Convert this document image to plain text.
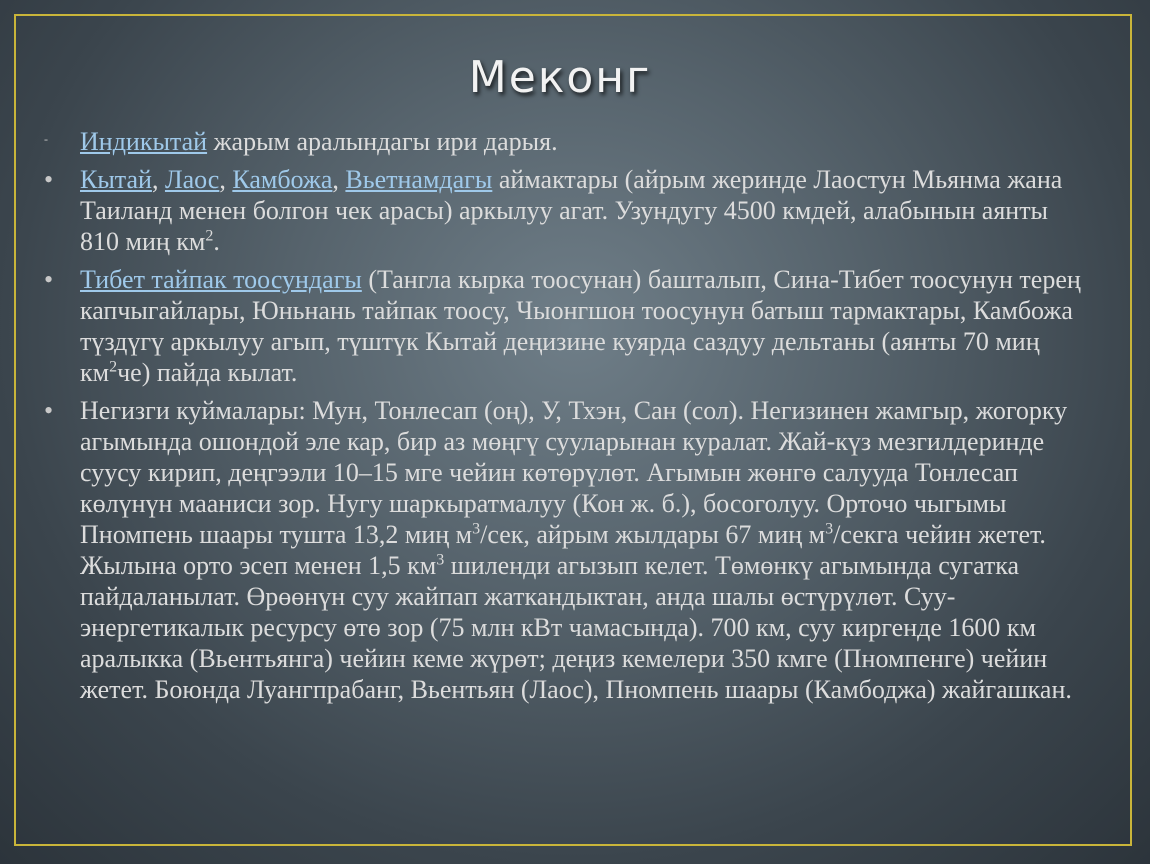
Меконг
-	Индикытай жарым аралындагы ири дарыя.
•	Кытай, Лаос, Камбожа, Вьетнамдагы аймактары (айрым жеринде Лаостун Мьянма жана Таиланд менен болгон чек арасы) аркылуу агат. Узундугу 4500 кмдей, алабынын аянты 810 миң $км^2$.
•	Тибет тайпак тоосундагы (Тангла кырка тоосунан) башталып, Сина-Тибет тоосунун терең капчыгайлары, Юньнань тайпак тоосу, Чыонгшон тоосунун батыш тармактары, Камбожа түздүгү аркылуу агып, түштүк Кытай деңизине куярда саздуу дельтаны (аянты 70 миң $км^2че$) пайда кылат.
•	Негизги куймалары: Мун, Тонлесап (оң), У, Тхэн, Сан (сол). Негизинен жамгыр, жогорку агымында ошондой эле кар, бир аз мөңгү сууларынан куралат. Жай-күз мезгилдеринде суусу кирип, деңгээли 10–15 мге чейин көтөрүлөт. Агымын жөнгө салууда Тонлесап көлүнүн мааниси зор. Нугу шаркыратмалуу (Кон ж. б.), босоголуу. Орточо чыгымы Пномпень шаары туштa 13,2 миң $м^3$/сек, айрым жылдары 67 миң $м^3$/секга чейин жетет. Жылына орто эсеп менен 1,5 $км^3$ шиленди агызып келет. Төмөнкү агымында сугатка пайдаланылат. Өрөөнүн суу жайпап жаткандыктан, анда шалы өстүрүлөт. Суу-энергетикалык ресурсу өтө зор (75 млн кВт чамасында). 700 км, суу киргенде 1600 км аралыкка (Вьентьянга) чейин кеме жүрөт; деңиз кемелери 350 кмге (Пномпенге) чейин жетет. Боюнда Луангпрабанг, Вьентьян (Лаос), Пномпень шаары (Камбоджа) жайгашкан.
